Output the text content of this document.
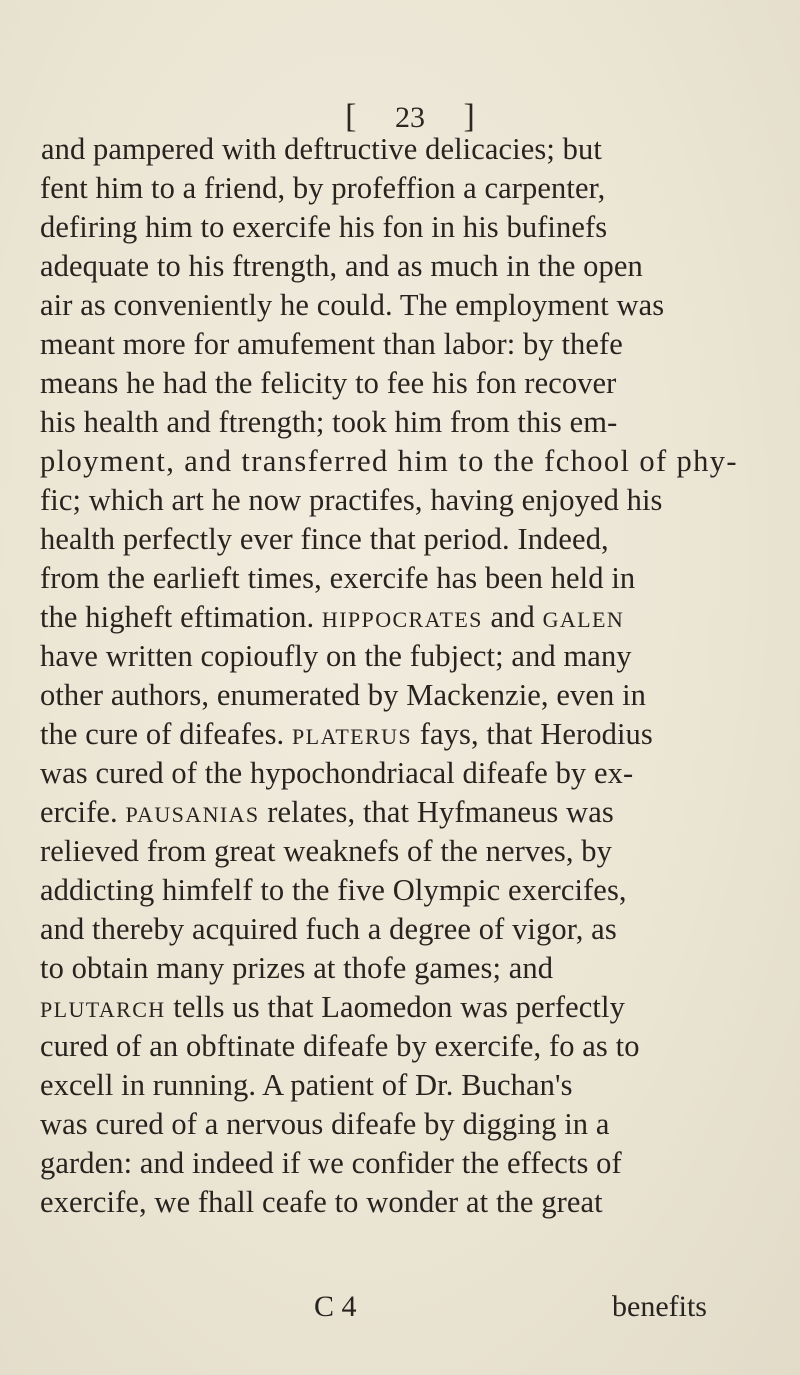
[ 23 ]
and pampered with deftructive delicacies; but
fent him to a friend, by profeffion a carpenter,
defiring him to exercife his fon in his bufinefs
adequate to his ftrength, and as much in the open
air as conveniently he could. The employment was
meant more for amufement than labor: by thefe
means he had the felicity to fee his fon recover
his health and ftrength; took him from this em-
ployment, and transferred him to the fchool of phy-
fic; which art he now practifes, having enjoyed his
health perfectly ever fince that period. Indeed,
from the earlieft times, exercife has been held in
the higheft eftimation. HIPPOCRATES and GALEN
have written copioufly on the fubject; and many
other authors, enumerated by Mackenzie, even in
the cure of difeafes. PLATERUS fays, that Herodius
was cured of the hypochondriacal difeafe by ex-
ercife. PAUSANIAS relates, that Hyfmaneus was
relieved from great weaknefs of the nerves, by
addicting himfelf to the five Olympic exercifes,
and thereby acquired fuch a degree of vigor, as
to obtain many prizes at thofe games; and
PLUTARCH tells us that Laomedon was perfectly
cured of an obftinate difeafe by exercife, fo as to
excell in running. A patient of Dr. Buchan's
was cured of a nervous difeafe by digging in a
garden: and indeed if we confider the effects of
exercife, we fhall ceafe to wonder at the great
C 4	benefits
